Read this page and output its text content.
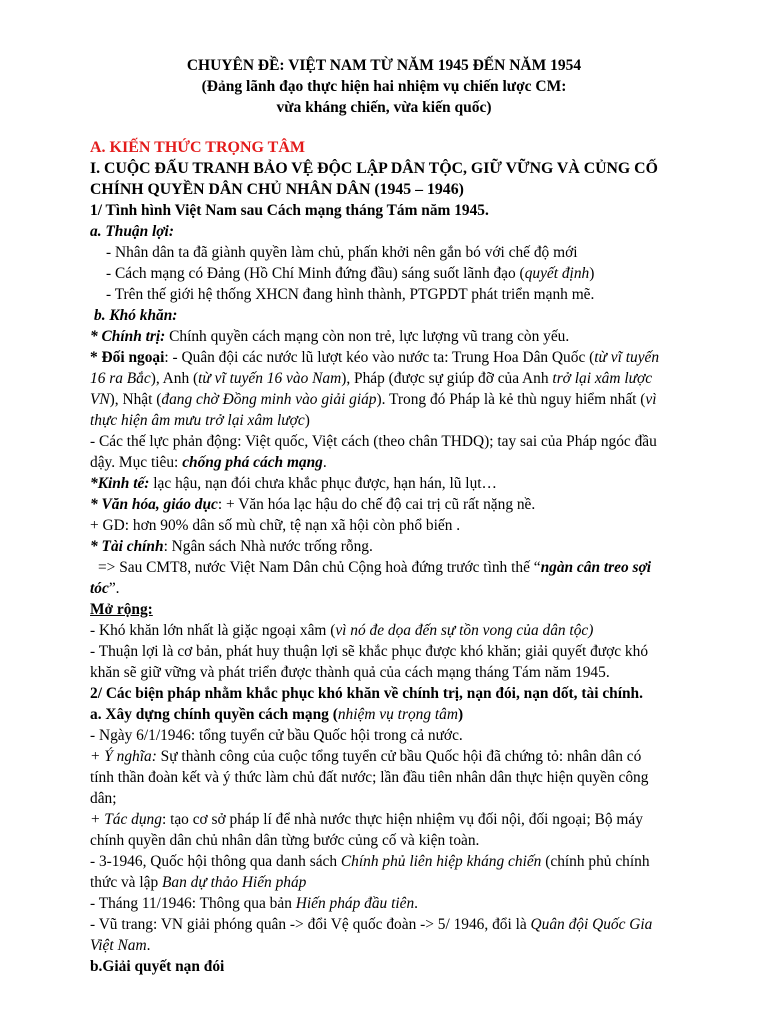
CHUYÊN ĐỀ: VIỆT NAM TỪ NĂM 1945 ĐẾN NĂM 1954
(Đảng lãnh đạo thực hiện hai nhiệm vụ chiến lược CM:
vừa kháng chiến, vừa kiến quốc)
A. KIẾN THỨC TRỌNG TÂM
I. CUỘC ĐẤU TRANH BẢO VỆ ĐỘC LẬP DÂN TỘC, GIỮ VỮNG VÀ CỦNG CỐ
CHÍNH QUYỀN DÂN CHỦ NHÂN DÂN (1945 – 1946)
1/ Tình hình Việt Nam sau Cách mạng tháng Tám năm 1945.
a. Thuận lợi:
- Nhân dân ta đã giành quyền làm chủ, phấn khởi nên gắn bó với chế độ mới
- Cách mạng có Đảng (Hồ Chí Minh đứng đầu) sáng suốt lãnh đạo (quyết định)
- Trên thế giới hệ thống XHCN đang hình thành, PTGPDT phát triển mạnh mẽ.
b. Khó khăn:
* Chính trị: Chính quyền cách mạng còn non trẻ, lực lượng vũ trang còn yếu.
* Đối ngoại: - Quân đội các nước lũ lượt kéo vào nước ta: Trung Hoa Dân Quốc (từ vĩ tuyến
16 ra Bắc), Anh (từ vĩ tuyến 16 vào Nam), Pháp (được sự giúp đỡ của Anh trở lại xâm lược
VN), Nhật (đang chờ Đồng minh vào giải giáp). Trong đó Pháp là kẻ thù nguy hiểm nhất (vì
thực hiện âm mưu trở lại xâm lược)
- Các thế lực phản động: Việt quốc, Việt cách (theo chân THDQ); tay sai của Pháp ngóc đầu
dậy. Mục tiêu: chống phá cách mạng.
*Kinh tế: lạc hậu, nạn đói chưa khắc phục được, hạn hán, lũ lụt…
* Văn hóa, giáo dục: + Văn hóa lạc hậu do chế độ cai trị cũ rất nặng nề.
+ GD: hơn 90% dân số mù chữ, tệ nạn xã hội còn phổ biến .
* Tài chính: Ngân sách Nhà nước trống rỗng.
=> Sau CMT8, nước Việt Nam Dân chủ Cộng hoà đứng trước tình thế “ngàn cân treo sợi
tóc”.
Mở rộng:
- Khó khăn lớn nhất là giặc ngoại xâm (vì nó đe dọa đến sự tồn vong của dân tộc)
- Thuận lợi là cơ bản, phát huy thuận lợi sẽ khắc phục được khó khăn; giải quyết được khó
khăn sẽ giữ vững và phát triển được thành quả của cách mạng tháng Tám năm 1945.
2/ Các biện pháp nhằm khắc phục khó khăn về chính trị, nạn đói, nạn dốt, tài chính.
a. Xây dựng chính quyền cách mạng (nhiệm vụ trọng tâm)
- Ngày 6/1/1946: tổng tuyển cử bầu Quốc hội trong cả nước.
+ Ý nghĩa: Sự thành công của cuộc tổng tuyển cử bầu Quốc hội đã chứng tỏ: nhân dân có
tính thần đoàn kết và ý thức làm chủ đất nước; lần đầu tiên nhân dân thực hiện quyền công
dân;
+ Tác dụng: tạo cơ sở pháp lí để nhà nước thực hiện nhiệm vụ đối nội, đối ngoại; Bộ máy
chính quyền dân chủ nhân dân từng bước củng cố và kiện toàn.
- 3-1946, Quốc hội thông qua danh sách Chính phủ liên hiệp kháng chiến (chính phủ chính
thức và lập Ban dự thảo Hiến pháp
- Tháng 11/1946: Thông qua bản Hiến pháp đầu tiên.
- Vũ trang: VN giải phóng quân -> đổi Vệ quốc đoàn -> 5/ 1946, đổi là Quân đội Quốc Gia
Việt Nam.
b.Giải quyết nạn đói
